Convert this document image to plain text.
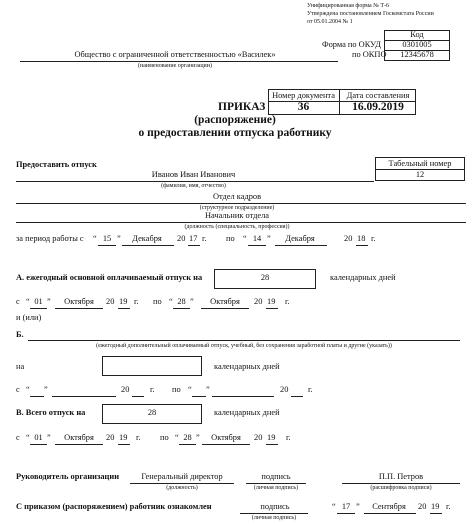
Унифицированная форма № Т-6
Утверждена постановлением Госкомстата России
от 05.01.2004 № 1
Код
0301005
12345678
Форма по ОКУД
по ОКПО
Общество с ограниченной ответственностью «Василек»
(наименование организации)
Номер документа	Дата составления
36	16.09.2019
ПРИКАЗ
(распоряжение)
о предоставлении отпуска работнику
Предоставить отпуск	Табельный номер
12
Иванов Иван Иванович
(фамилия, имя, отчество)
Отдел кадров
(структурное подразделение)
Начальник отдела
(должность (специальность, профессия))
за период работы с “ 15 ”	Декабря	20 17 г. по “ 14 ”	Декабря	20 18 г.
А. ежегодный основной оплачиваемый отпуск на	28	календарных дней
с “ 01 ”	Октября	20 19 г. по “ 28 ”	Октября	20 19 г.
и (или)
Б.
(ежегодный дополнительный оплачиваемый отпуск, учебный, без сохранения заработной платы и другие (указать))
на	календарных дней
с “ ”	20 г. по “ ”	20 г.
В. Всего отпуск на	28	календарных дней
с “ 01 ”	Октября	20 19 г. по “ 28 ”	Октября	20 19 г.
Руководитель организации	Генеральный директор
(должность)
подпись
(личная подпись)
П.П. Петров
(расшифровка подписи)
С приказом (распоряжением) работник ознакомлен	подпись
(личная подпись)
“ 17 ”	Сентября	20 19 г.
